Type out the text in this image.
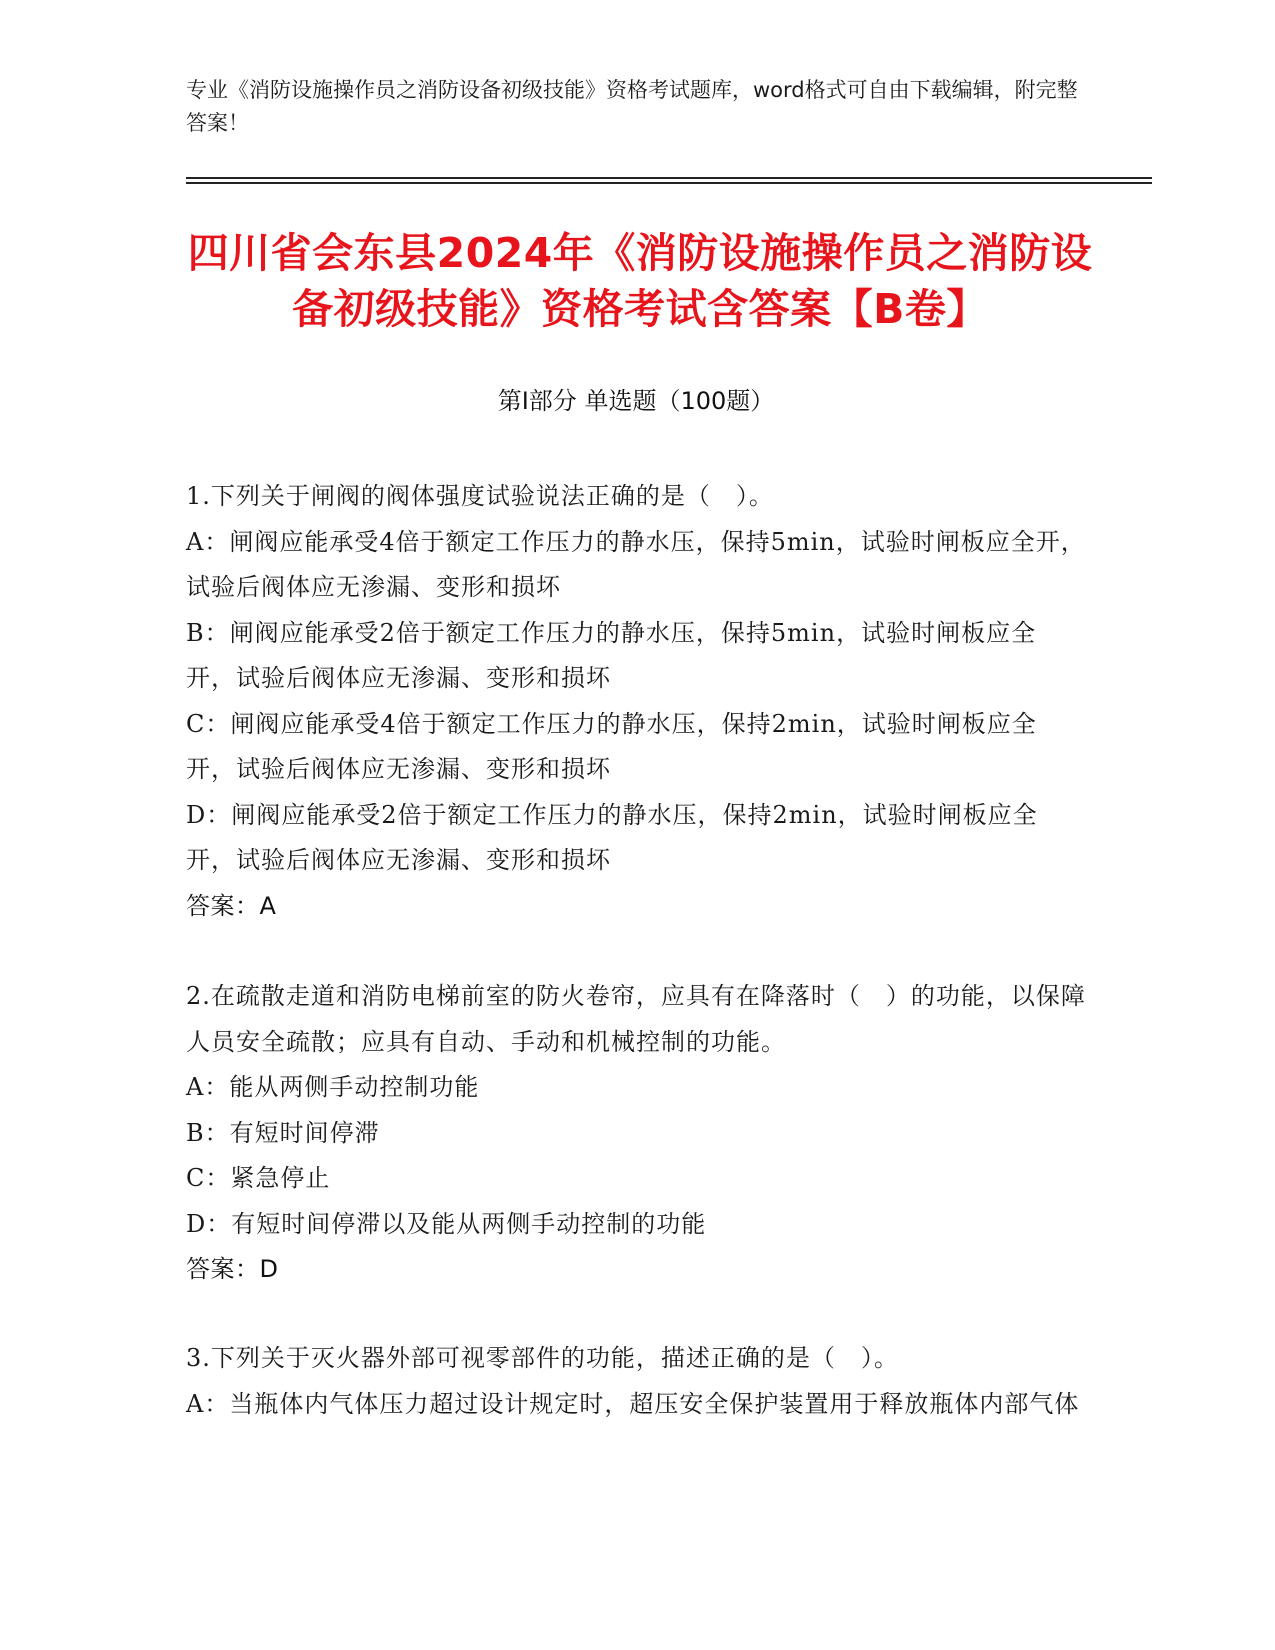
专业《消防设施操作员之消防设备初级技能》资格考试题库，word格式可自由下载编辑，附完整答案！
四川省会东县2024年《消防设施操作员之消防设备初级技能》资格考试含答案【B卷】
第Ⅰ部分 单选题（100题）
1.下列关于闸阀的阀体强度试验说法正确的是（　）。
A：闸阀应能承受4倍于额定工作压力的静水压，保持5min，试验时闸板应全开，试验后阀体应无渗漏、变形和损坏
B：闸阀应能承受2倍于额定工作压力的静水压，保持5min，试验时闸板应全开，试验后阀体应无渗漏、变形和损坏
C：闸阀应能承受4倍于额定工作压力的静水压，保持2min，试验时闸板应全开，试验后阀体应无渗漏、变形和损坏
D：闸阀应能承受2倍于额定工作压力的静水压，保持2min，试验时闸板应全开，试验后阀体应无渗漏、变形和损坏
答案：A
2.在疏散走道和消防电梯前室的防火卷帘，应具有在降落时（　）的功能，以保障人员安全疏散；应具有自动、手动和机械控制的功能。
A：能从两侧手动控制功能
B：有短时间停滞
C：紧急停止
D：有短时间停滞以及能从两侧手动控制的功能
答案：D
3.下列关于灭火器外部可视零部件的功能，描述正确的是（　）。
A：当瓶体内气体压力超过设计规定时，超压安全保护装置用于释放瓶体内部气体
